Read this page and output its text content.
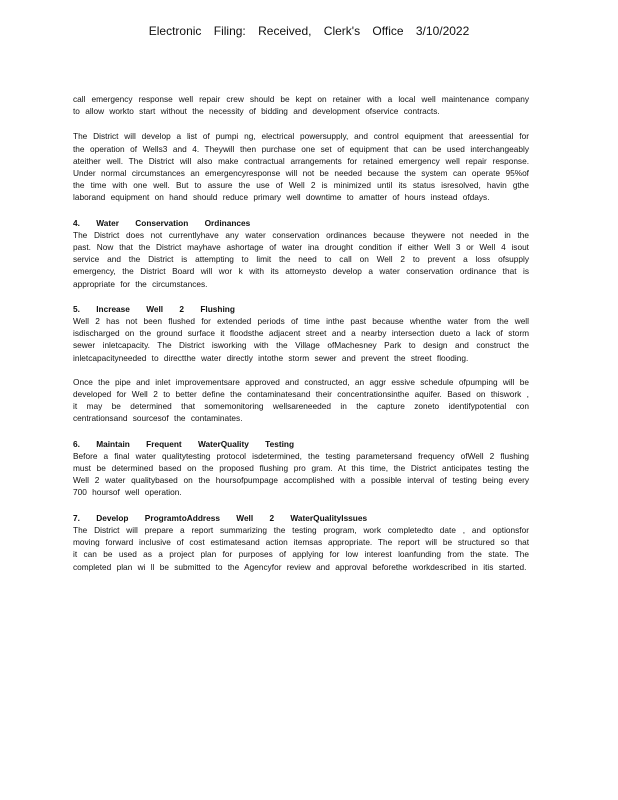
Electronic Filing: Received, Clerk's Office 3/10/2022

call emergency response well repair crew should be kept on retainer with a local well maintenance company to allow workto start without the necessity of bidding and development ofservice contracts.

The District will develop a list of pumpi ng, electrical powersupply, and control equipment that areessential for the operation of Wells3 and 4. Theywill then purchase one set of equipment that can be used interchangeably ateither well. The District will also make contractual arrangements for retained emergency well repair response. Under normal circumstances an emergencyresponse will not be needed because the system can operate 95%of the time with one well. But to assure the use of Well 2 is minimized until its status isresolved, havin gthe laborand equipment on hand should reduce primary well downtime to amatter of hours instead ofdays.

4. Water Conservation Ordinances

The District does not currentlyhave any water conservation ordinances because theywere not needed in the past. Now that the District mayhave ashortage of water ina drought condition if either Well 3 or Well 4 isout service and the District is attempting to limit the need to call on Well 2 to prevent a loss ofsupply emergency, the District Board will wor k with its attorneysto develop a water conservation ordinance that is appropriate for the circumstances.

5. Increase Well 2 Flushing

Well 2 has not been flushed for extended periods of time inthe past because whenthe water from the well isdischarged on the ground surface it floodsthe adjacent street and a nearby intersection dueto a lack of storm sewer inletcapacity. The District isworking with the Village ofMachesney Park to design and construct the inletcapacityneeded to directthe water directly intothe storm sewer and prevent the street flooding.

Once the pipe and inlet improvementsare approved and constructed, an aggr essive schedule ofpumping will be developed for Well 2 to better define the contaminatesand their concentrationsinthe aquifer. Based on thiswork , it may be determined that somemonitoring wellsareneeded in the capture zoneto identifypotential con centrationsand sourcesof the contaminates.

6. Maintain Frequent WaterQuality Testing

Before a final water qualitytesting protocol isdetermined, the testing parametersand frequency ofWell 2 flushing must be determined based on the proposed flushing pro gram. At this time, the District anticipates testing the Well 2 water qualitybased on the hoursofpumpage accomplished with a possible interval of testing being every 700 hoursof well operation.

7. Develop ProgramtoAddress Well 2 WaterQualityIssues

The District will prepare a report summarizing the testing program, work completedto date , and optionsfor moving forward inclusive of cost estimatesand action itemsas appropriate. The report will be structured so that it can be used as a project plan for purposes of applying for low interest loanfunding from the state. The completed plan wi ll be submitted to the Agencyfor review and approval beforethe workdescribed in itis started.
